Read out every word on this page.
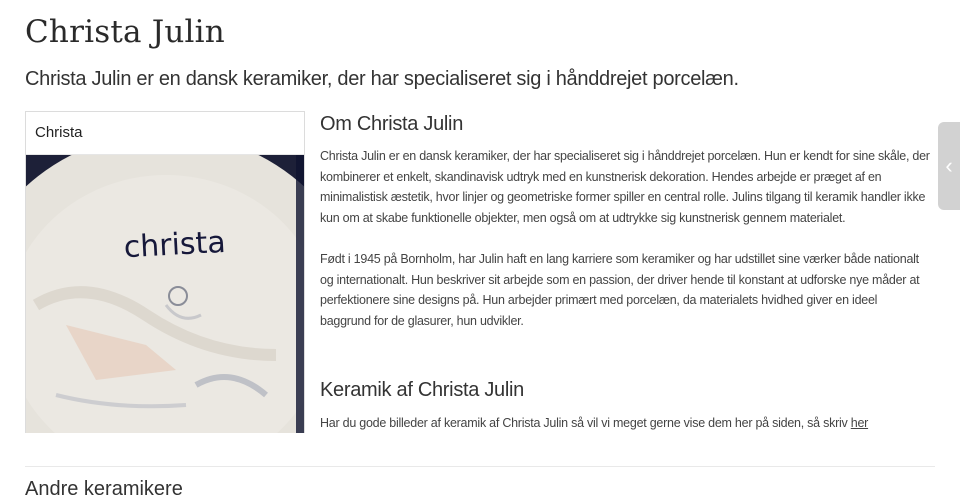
Christa Julin

Christa Julin er en dansk keramiker, der har specialiseret sig i hånddrejet porcelæn.

Christa
christa
Om Christa Julin

Christa Julin er en dansk keramiker, der har specialiseret sig i hånddrejet porcelæn. Hun er kendt for sine skåle, der kombinerer et enkelt, skandinavisk udtryk med en kunstnerisk dekoration. Hendes arbejde er præget af en minimalistisk æstetik, hvor linjer og geometriske former spiller en central rolle. Julins tilgang til keramik handler ikke kun om at skabe funktionelle objekter, men også om at udtrykke sig kunstnerisk gennem materialet.

Født i 1945 på Bornholm, har Julin haft en lang karriere som keramiker og har udstillet sine værker både nationalt og internationalt. Hun beskriver sit arbejde som en passion, der driver hende til konstant at udforske nye måder at perfektionere sine designs på. Hun arbejder primært med porcelæn, da materialets hvidhed giver en ideel baggrund for de glasurer, hun udvikler.

Keramik af Christa Julin

Har du gode billeder af keramik af Christa Julin så vil vi meget gerne vise dem her på siden, så skriv her

Andre keramikere
‹
